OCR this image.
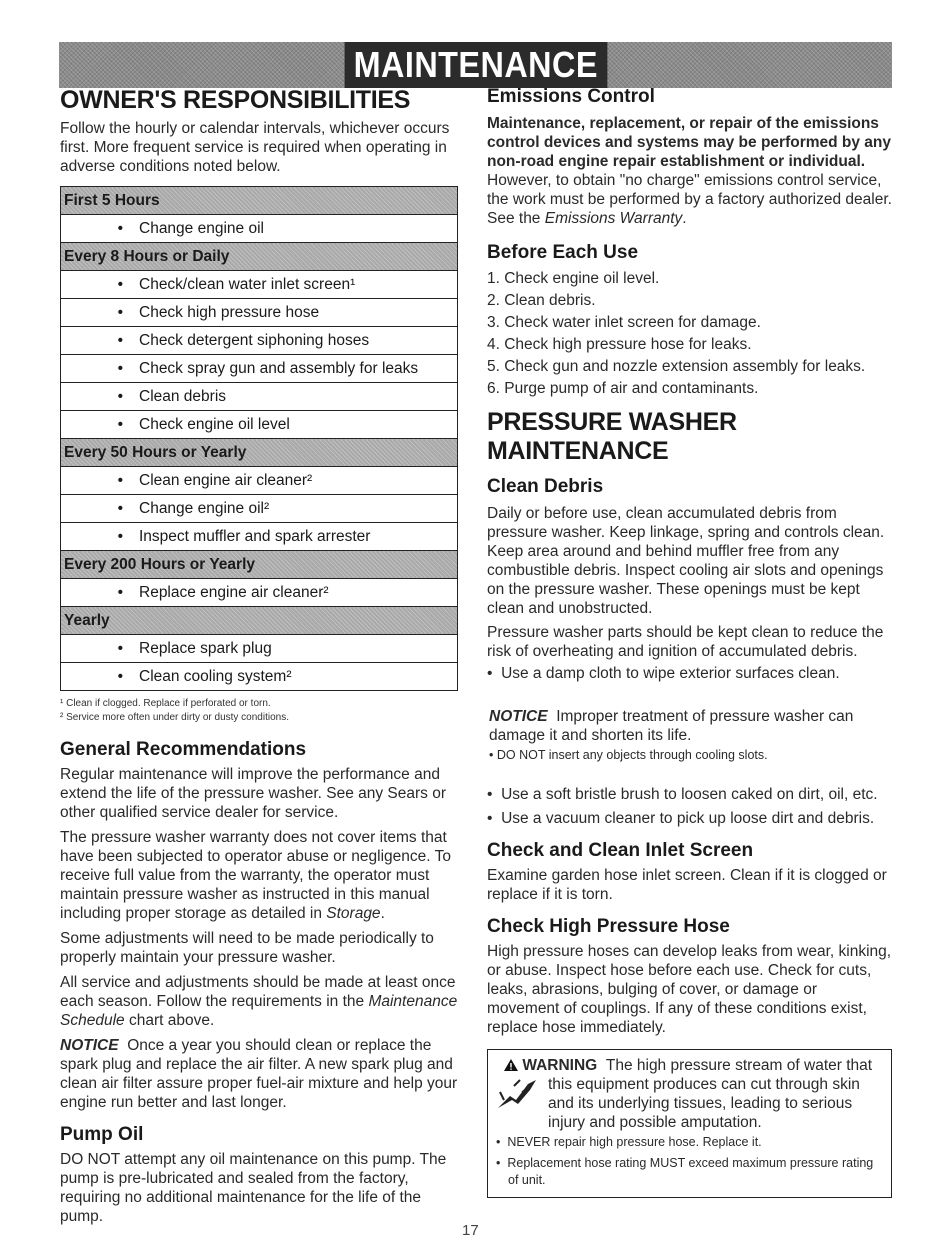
MAINTENANCE
OWNER'S RESPONSIBILITIES

Follow the hourly or calendar intervals, whichever occurs first. More frequent service is required when operating in adverse conditions noted below.

First 5 Hours
• Change engine oil
Every 8 Hours or Daily
• Check/clean water inlet screen¹
• Check high pressure hose
• Check detergent siphoning hoses
• Check spray gun and assembly for leaks
• Clean debris
• Check engine oil level
Every 50 Hours or Yearly
• Clean engine air cleaner²
• Change engine oil²
• Inspect muffler and spark arrester
Every 200 Hours or Yearly
• Replace engine air cleaner²
Yearly
• Replace spark plug
• Clean cooling system²
¹ Clean if clogged. Replace if perforated or torn.
² Service more often under dirty or dusty conditions.
General Recommendations

Regular maintenance will improve the performance and extend the life of the pressure washer. See any Sears or other qualified service dealer for service.

The pressure washer warranty does not cover items that have been subjected to operator abuse or negligence. To receive full value from the warranty, the operator must maintain pressure washer as instructed in this manual including proper storage as detailed in Storage.

Some adjustments will need to be made periodically to properly maintain your pressure washer.

All service and adjustments should be made at least once each season. Follow the requirements in the Maintenance Schedule chart above.

NOTICE Once a year you should clean or replace the spark plug and replace the air filter. A new spark plug and clean air filter assure proper fuel-air mixture and help your engine run better and last longer.

Pump Oil

DO NOT attempt any oil maintenance on this pump. The pump is pre-lubricated and sealed from the factory, requiring no additional maintenance for the life of the pump.

Emissions Control

Maintenance, replacement, or repair of the emissions control devices and systems may be performed by any non-road engine repair establishment or individual. However, to obtain "no charge" emissions control service, the work must be performed by a factory authorized dealer. See the Emissions Warranty.

Before Each Use
1. Check engine oil level.
2. Clean debris.
3. Check water inlet screen for damage.
4. Check high pressure hose for leaks.
5. Check gun and nozzle extension assembly for leaks.
6. Purge pump of air and contaminants.
PRESSURE WASHER MAINTENANCE
Clean Debris

Daily or before use, clean accumulated debris from pressure washer. Keep linkage, spring and controls clean. Keep area around and behind muffler free from any combustible debris. Inspect cooling air slots and openings on the pressure washer. These openings must be kept clean and unobstructed.

Pressure washer parts should be kept clean to reduce the risk of overheating and ignition of accumulated debris.

• Use a damp cloth to wipe exterior surfaces clean.

NOTICE Improper treatment of pressure washer can damage it and shorten its life.

• DO NOT insert any objects through cooling slots.
• Use a soft bristle brush to loosen caked on dirt, oil, etc.
• Use a vacuum cleaner to pick up loose dirt and debris.
Check and Clean Inlet Screen

Examine garden hose inlet screen. Clean if it is clogged or replace if it is torn.

Check High Pressure Hose

High pressure hoses can develop leaks from wear, kinking, or abuse. Inspect hose before each use. Check for cuts, leaks, abrasions, bulging of cover, or damage or movement of couplings. If any of these conditions exist, replace hose immediately.

WARNING The high pressure stream of water that this equipment produces can cut through skin and its underlying tissues, leading to serious injury and possible amputation.

• NEVER repair high pressure hose. Replace it.
• Replacement hose rating MUST exceed maximum pressure rating of unit.
17
